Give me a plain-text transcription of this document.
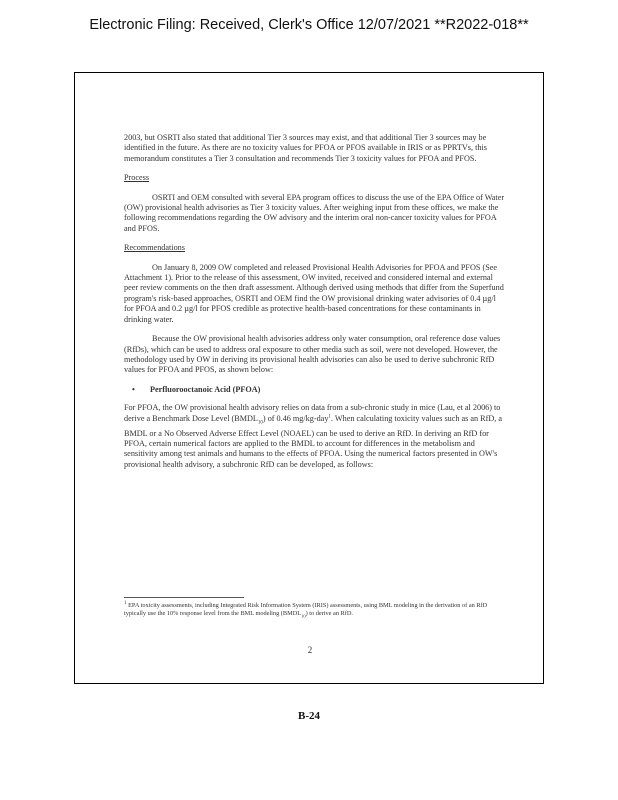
Electronic Filing: Received, Clerk's Office 12/07/2021 **R2022-018**

2003, but OSRTI also stated that additional Tier 3 sources may exist, and that additional Tier 3 sources may be identified in the future. As there are no toxicity values for PFOA or PFOS available in IRIS or as PPRTVs, this memorandum constitutes a Tier 3 consultation and recommends Tier 3 toxicity values for PFOA and PFOS.

Process

OSRTI and OEM consulted with several EPA program offices to discuss the use of the EPA Office of Water (OW) provisional health advisories as Tier 3 toxicity values. After weighing input from these offices, we make the following recommendations regarding the OW advisory and the interim oral non-cancer toxicity values for PFOA and PFOS.

Recommendations

On January 8, 2009 OW completed and released Provisional Health Advisories for PFOA and PFOS (See Attachment 1). Prior to the release of this assessment, OW invited, received and considered internal and external peer review comments on the then draft assessment. Although derived using methods that differ from the Superfund program's risk-based approaches, OSRTI and OEM find the OW provisional drinking water advisories of 0.4 µg/l for PFOA and 0.2 µg/l for PFOS credible as protective health-based concentrations for these contaminants in drinking water.

Because the OW provisional health advisories address only water consumption, oral reference dose values (RfDs), which can be used to address oral exposure to other media such as soil, were not developed. However, the methodology used by OW in deriving its provisional health advisories can also be used to derive subchronic RfD values for PFOA and PFOS, as shown below:

•	Perfluorooctanoic Acid (PFOA)

For PFOA, the OW provisional health advisory relies on data from a sub-chronic study in mice (Lau, et al 2006) to derive a Benchmark Dose Level $(BMDL_{10})$ of 0.46 mg/kg-day$^1$. When calculating toxicity values such as an RfD, a BMDL or a No Observed Adverse Effect Level (NOAEL) can be used to derive an RfD. In deriving an RfD for PFOA, certain numerical factors are applied to the BMDL to account for differences in the metabolism and sensitivity among test animals and humans to the effects of PFOA. Using the numerical factors presented in OW's provisional health advisory, a subchronic RfD can be developed, as follows:

$^1$ EPA toxicity assessments, including Integrated Risk Information System (IRIS) assessments, using BML modeling in the derivation of an RfD typically use the 10% response level from the BML modeling $(BMDL_{10})$ to derive an RfD.
2
B-24
